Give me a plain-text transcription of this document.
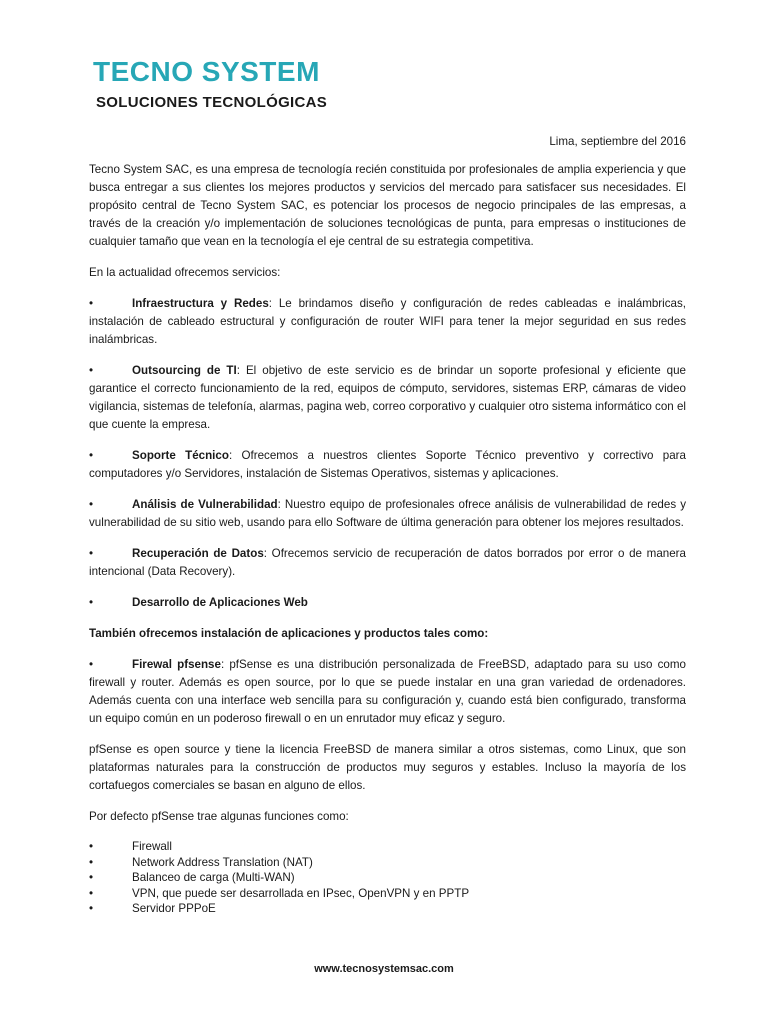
TECNO SYSTEM
SOLUCIONES TECNOLÓGICAS
Lima, septiembre del 2016

Tecno System SAC, es una empresa de tecnología recién constituida por profesionales de amplia experiencia y que busca entregar a sus clientes los mejores productos y servicios del mercado para satisfacer sus necesidades. El propósito central de Tecno System SAC, es potenciar los procesos de negocio principales de las empresas, a través de la creación y/o implementación de soluciones tecnológicas de punta, para empresas o instituciones de cualquier tamaño que vean en la tecnología el eje central de su estrategia competitiva.

En la actualidad ofrecemos servicios:

•	Infraestructura y Redes: Le brindamos diseño y configuración de redes cableadas e inalámbricas, instalación de cableado estructural y configuración de router WIFI para tener la mejor seguridad en sus redes inalámbricas.
•	Outsourcing de TI: El objetivo de este servicio es de brindar un soporte profesional y eficiente que garantice el correcto funcionamiento de la red, equipos de cómputo, servidores, sistemas ERP, cámaras de video vigilancia, sistemas de telefonía, alarmas, pagina web, correo corporativo y cualquier otro sistema informático con el que cuente la empresa.
•	Soporte Técnico: Ofrecemos a nuestros clientes Soporte Técnico preventivo y correctivo para computadores y/o Servidores, instalación de Sistemas Operativos, sistemas y aplicaciones.
•	Análisis de Vulnerabilidad: Nuestro equipo de profesionales ofrece análisis de vulnerabilidad de redes y vulnerabilidad de su sitio web, usando para ello Software de última generación para obtener los mejores resultados.
•	Recuperación de Datos: Ofrecemos servicio de recuperación de datos borrados por error o de manera intencional (Data Recovery).
•	Desarrollo de Aplicaciones Web
También ofrecemos instalación de aplicaciones y productos tales como:
•	Firewal pfsense: pfSense es una distribución personalizada de FreeBSD, adaptado para su uso como firewall y router. Además es open source, por lo que se puede instalar en una gran variedad de ordenadores. Además cuenta con una interface web sencilla para su configuración y, cuando está bien configurado, transforma un equipo común en un poderoso firewall o en un enrutador muy eficaz y seguro.

pfSense es open source y tiene la licencia FreeBSD de manera similar a otros sistemas, como Linux, que son plataformas naturales para la construcción de productos muy seguros y estables. Incluso la mayoría de los cortafuegos comerciales se basan en alguno de ellos.

Por defecto pfSense trae algunas funciones como:

•	Firewall
•	Network Address Translation (NAT)
•	Balanceo de carga (Multi-WAN)
•	VPN, que puede ser desarrollada en IPsec, OpenVPN y en PPTP
•	Servidor PPPoE
www.tecnosystemsac.com
